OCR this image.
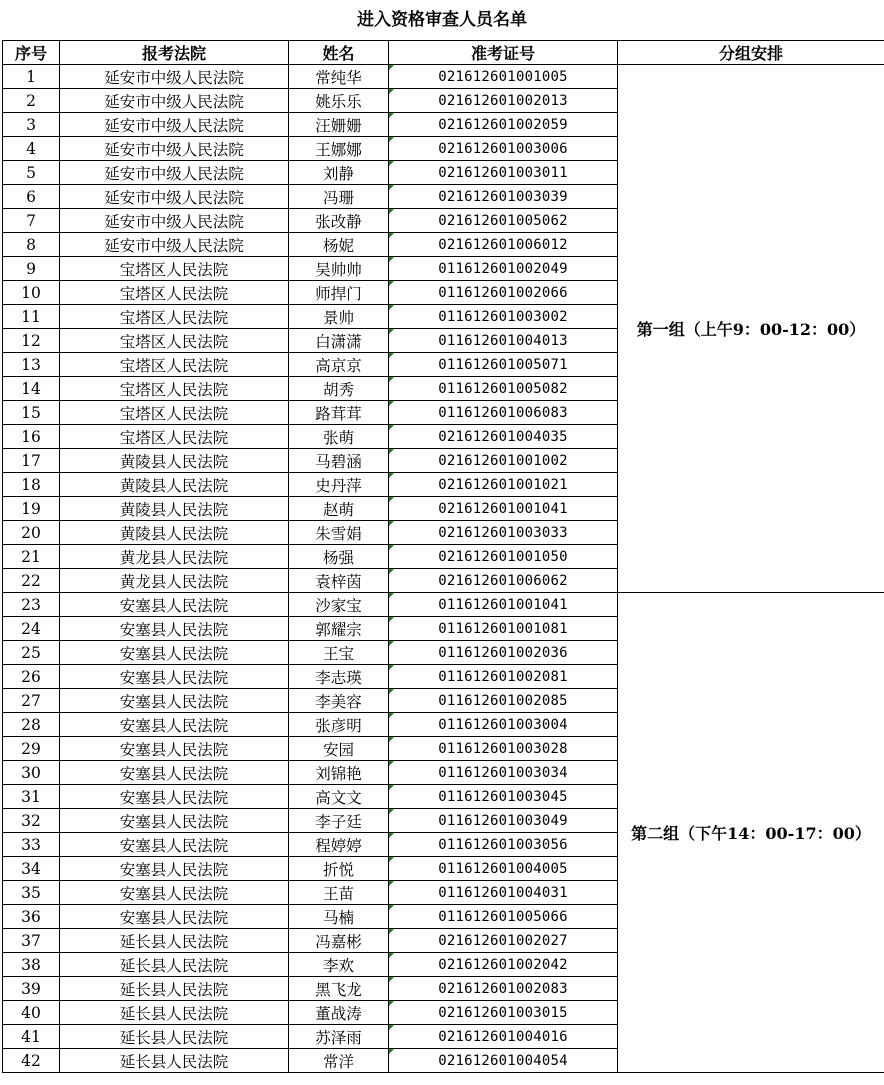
进入资格审查人员名单
序号	报考法院	姓名	准考证号	分组安排
1	延安市中级人民法院	常纯华	021612601001005	第一组（上午9：00-12：00）
2	延安市中级人民法院	姚乐乐	021612601002013	
3	延安市中级人民法院	汪姗姗	021612601002059	
4	延安市中级人民法院	王娜娜	021612601003006	
5	延安市中级人民法院	刘静	021612601003011	
6	延安市中级人民法院	冯珊	021612601003039	
7	延安市中级人民法院	张改静	021612601005062	
8	延安市中级人民法院	杨妮	021612601006012	
9	宝塔区人民法院	吴帅帅	011612601002049	
10	宝塔区人民法院	师捍门	011612601002066	
11	宝塔区人民法院	景帅	011612601003002	
12	宝塔区人民法院	白潇潇	011612601004013	
13	宝塔区人民法院	高京京	011612601005071	
14	宝塔区人民法院	胡秀	011612601005082	
15	宝塔区人民法院	路茸茸	011612601006083	
16	宝塔区人民法院	张萌	021612601004035	
17	黄陵县人民法院	马碧涵	021612601001002	
18	黄陵县人民法院	史丹萍	021612601001021	
19	黄陵县人民法院	赵萌	021612601001041	
20	黄陵县人民法院	朱雪娟	021612601003033	
21	黄龙县人民法院	杨强	021612601001050	
22	黄龙县人民法院	袁梓茵	021612601006062	
23	安塞县人民法院	沙家宝	011612601001041	第二组（下午14：00-17：00）
24	安塞县人民法院	郭耀宗	011612601001081	
25	安塞县人民法院	王宝	011612601002036	
26	安塞县人民法院	李志瑛	011612601002081	
27	安塞县人民法院	李美容	011612601002085	
28	安塞县人民法院	张彦明	011612601003004	
29	安塞县人民法院	安园	011612601003028	
30	安塞县人民法院	刘锦艳	011612601003034	
31	安塞县人民法院	高文文	011612601003045	
32	安塞县人民法院	李子廷	011612601003049	
33	安塞县人民法院	程婷婷	011612601003056	
34	安塞县人民法院	折悦	011612601004005	
35	安塞县人民法院	王苗	011612601004031	
36	安塞县人民法院	马楠	011612601005066	
37	延长县人民法院	冯嘉彬	021612601002027	
38	延长县人民法院	李欢	021612601002042	
39	延长县人民法院	黑飞龙	021612601002083	
40	延长县人民法院	董战涛	021612601003015	
41	延长县人民法院	苏泽雨	021612601004016	
42	延长县人民法院	常洋	021612601004054	
